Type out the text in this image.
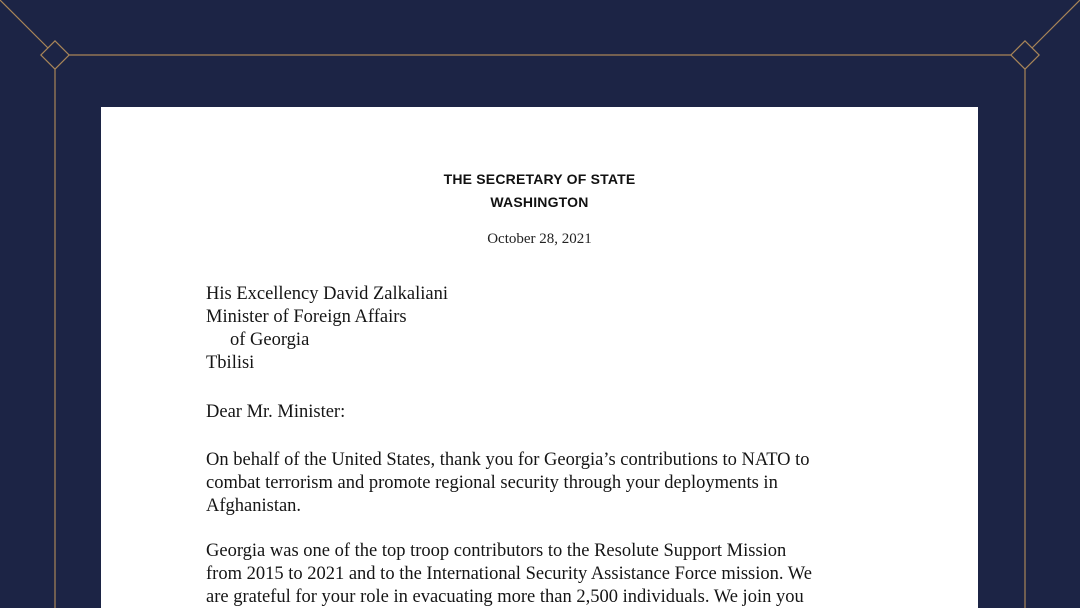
THE SECRETARY OF STATE
WASHINGTON
October 28, 2021
His Excellency David Zalkaliani
Minister of Foreign Affairs
of Georgia
Tbilisi
Dear Mr. Minister:
On behalf of the United States, thank you for Georgia’s contributions to NATO to
combat terrorism and promote regional security through your deployments in
Afghanistan.
Georgia was one of the top troop contributors to the Resolute Support Mission
from 2015 to 2021 and to the International Security Assistance Force mission. We
are grateful for your role in evacuating more than 2,500 individuals. We join you
